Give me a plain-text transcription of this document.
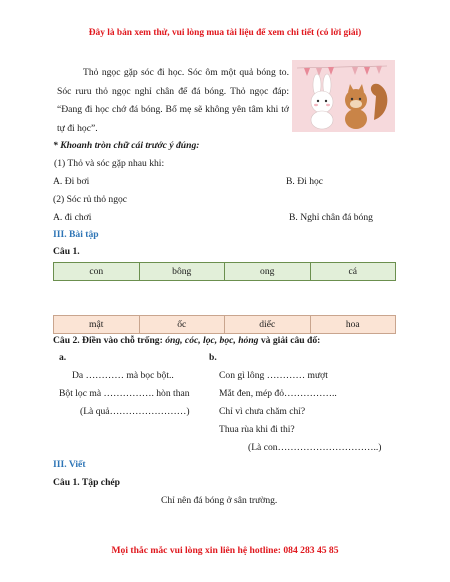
Đây là bản xem thử, vui lòng mua tài liệu để xem chi tiết (có lời giải)
Thỏ ngọc gặp sóc đi học. Sóc ôm một quả bóng to. Sóc ruru thỏ ngọc nghỉ chân để đá bóng. Thỏ ngọc đáp: “Đang đi học chớ đá bóng. Bố mẹ sẽ không yên tâm khi tớ tự đi học”.
* Khoanh tròn chữ cái trước ý đúng:
(1) Thỏ và sóc gặp nhau khi:
A. Đi bơi	B. Đi học
(2) Sóc rủ thỏ ngọc
A. đi chơi	B. Nghỉ chân đá bóng
III. Bài tập
Câu 1.
con	bông	ong	cá
mật	ốc	diếc	hoa
Câu 2. Điền vào chỗ trống: óng, cóc, lọc, bọc, hỏng và giải câu đố:
a.	b.
Da ………… mà bọc bột..
Bột lọc mà ……………. hòn than
(Là quả……………………)
Con gì lông ………… mượt
Mắt đen, mép đỏ……………..
Chỉ vì chưa chăm chỉ?
Thua rùa khi đi thi?
(Là con…………………………..)
III. Viết
Câu 1. Tập chép
Chỉ nên đá bóng ở sân trường.
Mọi thắc mắc vui lòng xin liên hệ hotline: 084 283 45 85
